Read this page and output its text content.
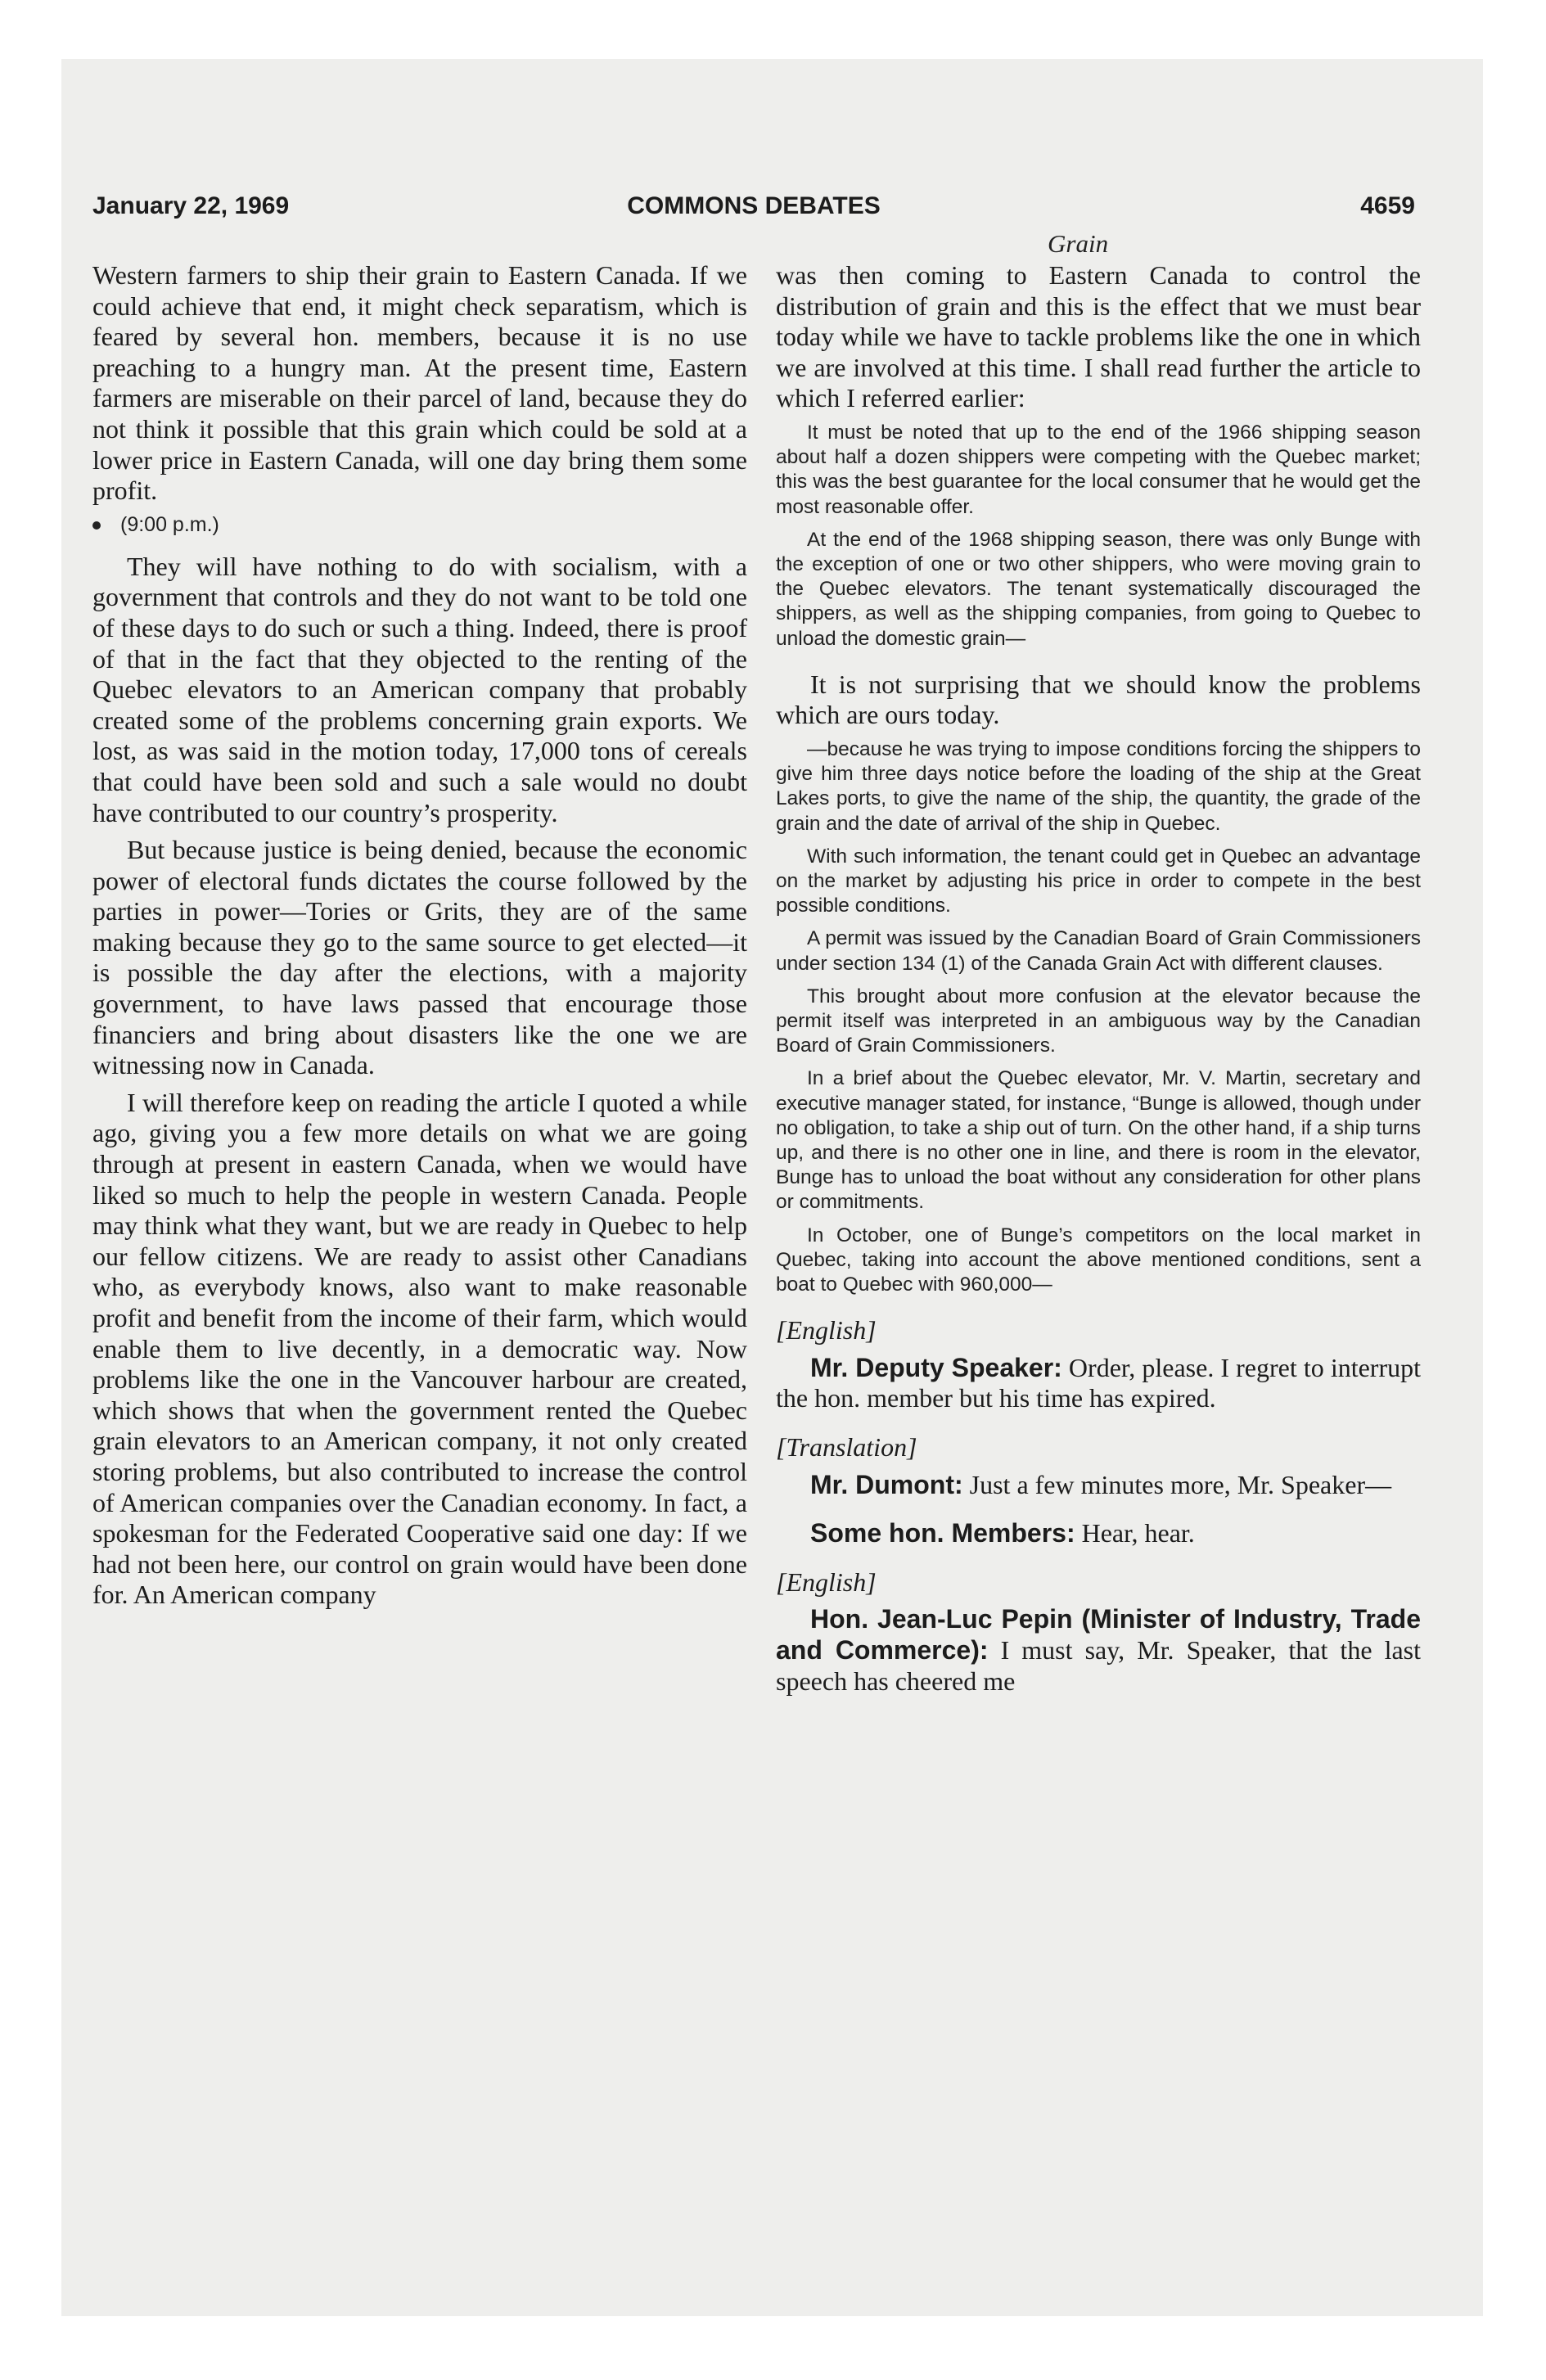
January 22, 1969	COMMONS DEBATES	4659
Grain

Western farmers to ship their grain to Eastern Canada. If we could achieve that end, it might check separatism, which is feared by several hon. members, because it is no use preaching to a hungry man. At the present time, Eastern farmers are miserable on their parcel of land, because they do not think it possible that this grain which could be sold at a lower price in Eastern Canada, will one day bring them some profit.

(9:00 p.m.)

They will have nothing to do with socialism, with a government that controls and they do not want to be told one of these days to do such or such a thing. Indeed, there is proof of that in the fact that they objected to the renting of the Quebec elevators to an American company that probably created some of the problems concerning grain exports. We lost, as was said in the motion today, 17,000 tons of cereals that could have been sold and such a sale would no doubt have contributed to our country’s prosperity.

But because justice is being denied, because the economic power of electoral funds dictates the course followed by the parties in power—Tories or Grits, they are of the same making because they go to the same source to get elected—it is possible the day after the elections, with a majority government, to have laws passed that encourage those financiers and bring about disasters like the one we are witnessing now in Canada.

I will therefore keep on reading the article I quoted a while ago, giving you a few more details on what we are going through at present in eastern Canada, when we would have liked so much to help the people in western Canada. People may think what they want, but we are ready in Quebec to help our fellow citizens. We are ready to assist other Canadians who, as everybody knows, also want to make reasonable profit and benefit from the income of their farm, which would enable them to live decently, in a democratic way. Now problems like the one in the Vancouver harbour are created, which shows that when the government rented the Quebec grain elevators to an American company, it not only created storing problems, but also contributed to increase the control of American companies over the Canadian economy. In fact, a spokesman for the Federated Cooperative said one day: If we had not been here, our control on grain would have been done for. An American company

was then coming to Eastern Canada to control the distribution of grain and this is the effect that we must bear today while we have to tackle problems like the one in which we are involved at this time. I shall read further the article to which I referred earlier:

It must be noted that up to the end of the 1966 shipping season about half a dozen shippers were competing with the Quebec market; this was the best guarantee for the local consumer that he would get the most reasonable offer.

At the end of the 1968 shipping season, there was only Bunge with the exception of one or two other shippers, who were moving grain to the Quebec elevators. The tenant systematically discouraged the shippers, as well as the shipping companies, from going to Quebec to unload the domestic grain—

It is not surprising that we should know the problems which are ours today.

—because he was trying to impose conditions forcing the shippers to give him three days notice before the loading of the ship at the Great Lakes ports, to give the name of the ship, the quantity, the grade of the grain and the date of arrival of the ship in Quebec.

With such information, the tenant could get in Quebec an advantage on the market by adjusting his price in order to compete in the best possible conditions.

A permit was issued by the Canadian Board of Grain Commissioners under section 134 (1) of the Canada Grain Act with different clauses.

This brought about more confusion at the elevator because the permit itself was interpreted in an ambiguous way by the Canadian Board of Grain Commissioners.

In a brief about the Quebec elevator, Mr. V. Martin, secretary and executive manager stated, for instance, “Bunge is allowed, though under no obligation, to take a ship out of turn. On the other hand, if a ship turns up, and there is no other one in line, and there is room in the elevator, Bunge has to unload the boat without any consideration for other plans or commitments.

In October, one of Bunge’s competitors on the local market in Quebec, taking into account the above mentioned conditions, sent a boat to Quebec with 960,000—

[English]

Mr. Deputy Speaker: Order, please. I regret to interrupt the hon. member but his time has expired.

[Translation]

Mr. Dumont: Just a few minutes more, Mr. Speaker—

Some hon. Members: Hear, hear.

[English]

Hon. Jean-Luc Pepin (Minister of Industry, Trade and Commerce): I must say, Mr. Speaker, that the last speech has cheered me
